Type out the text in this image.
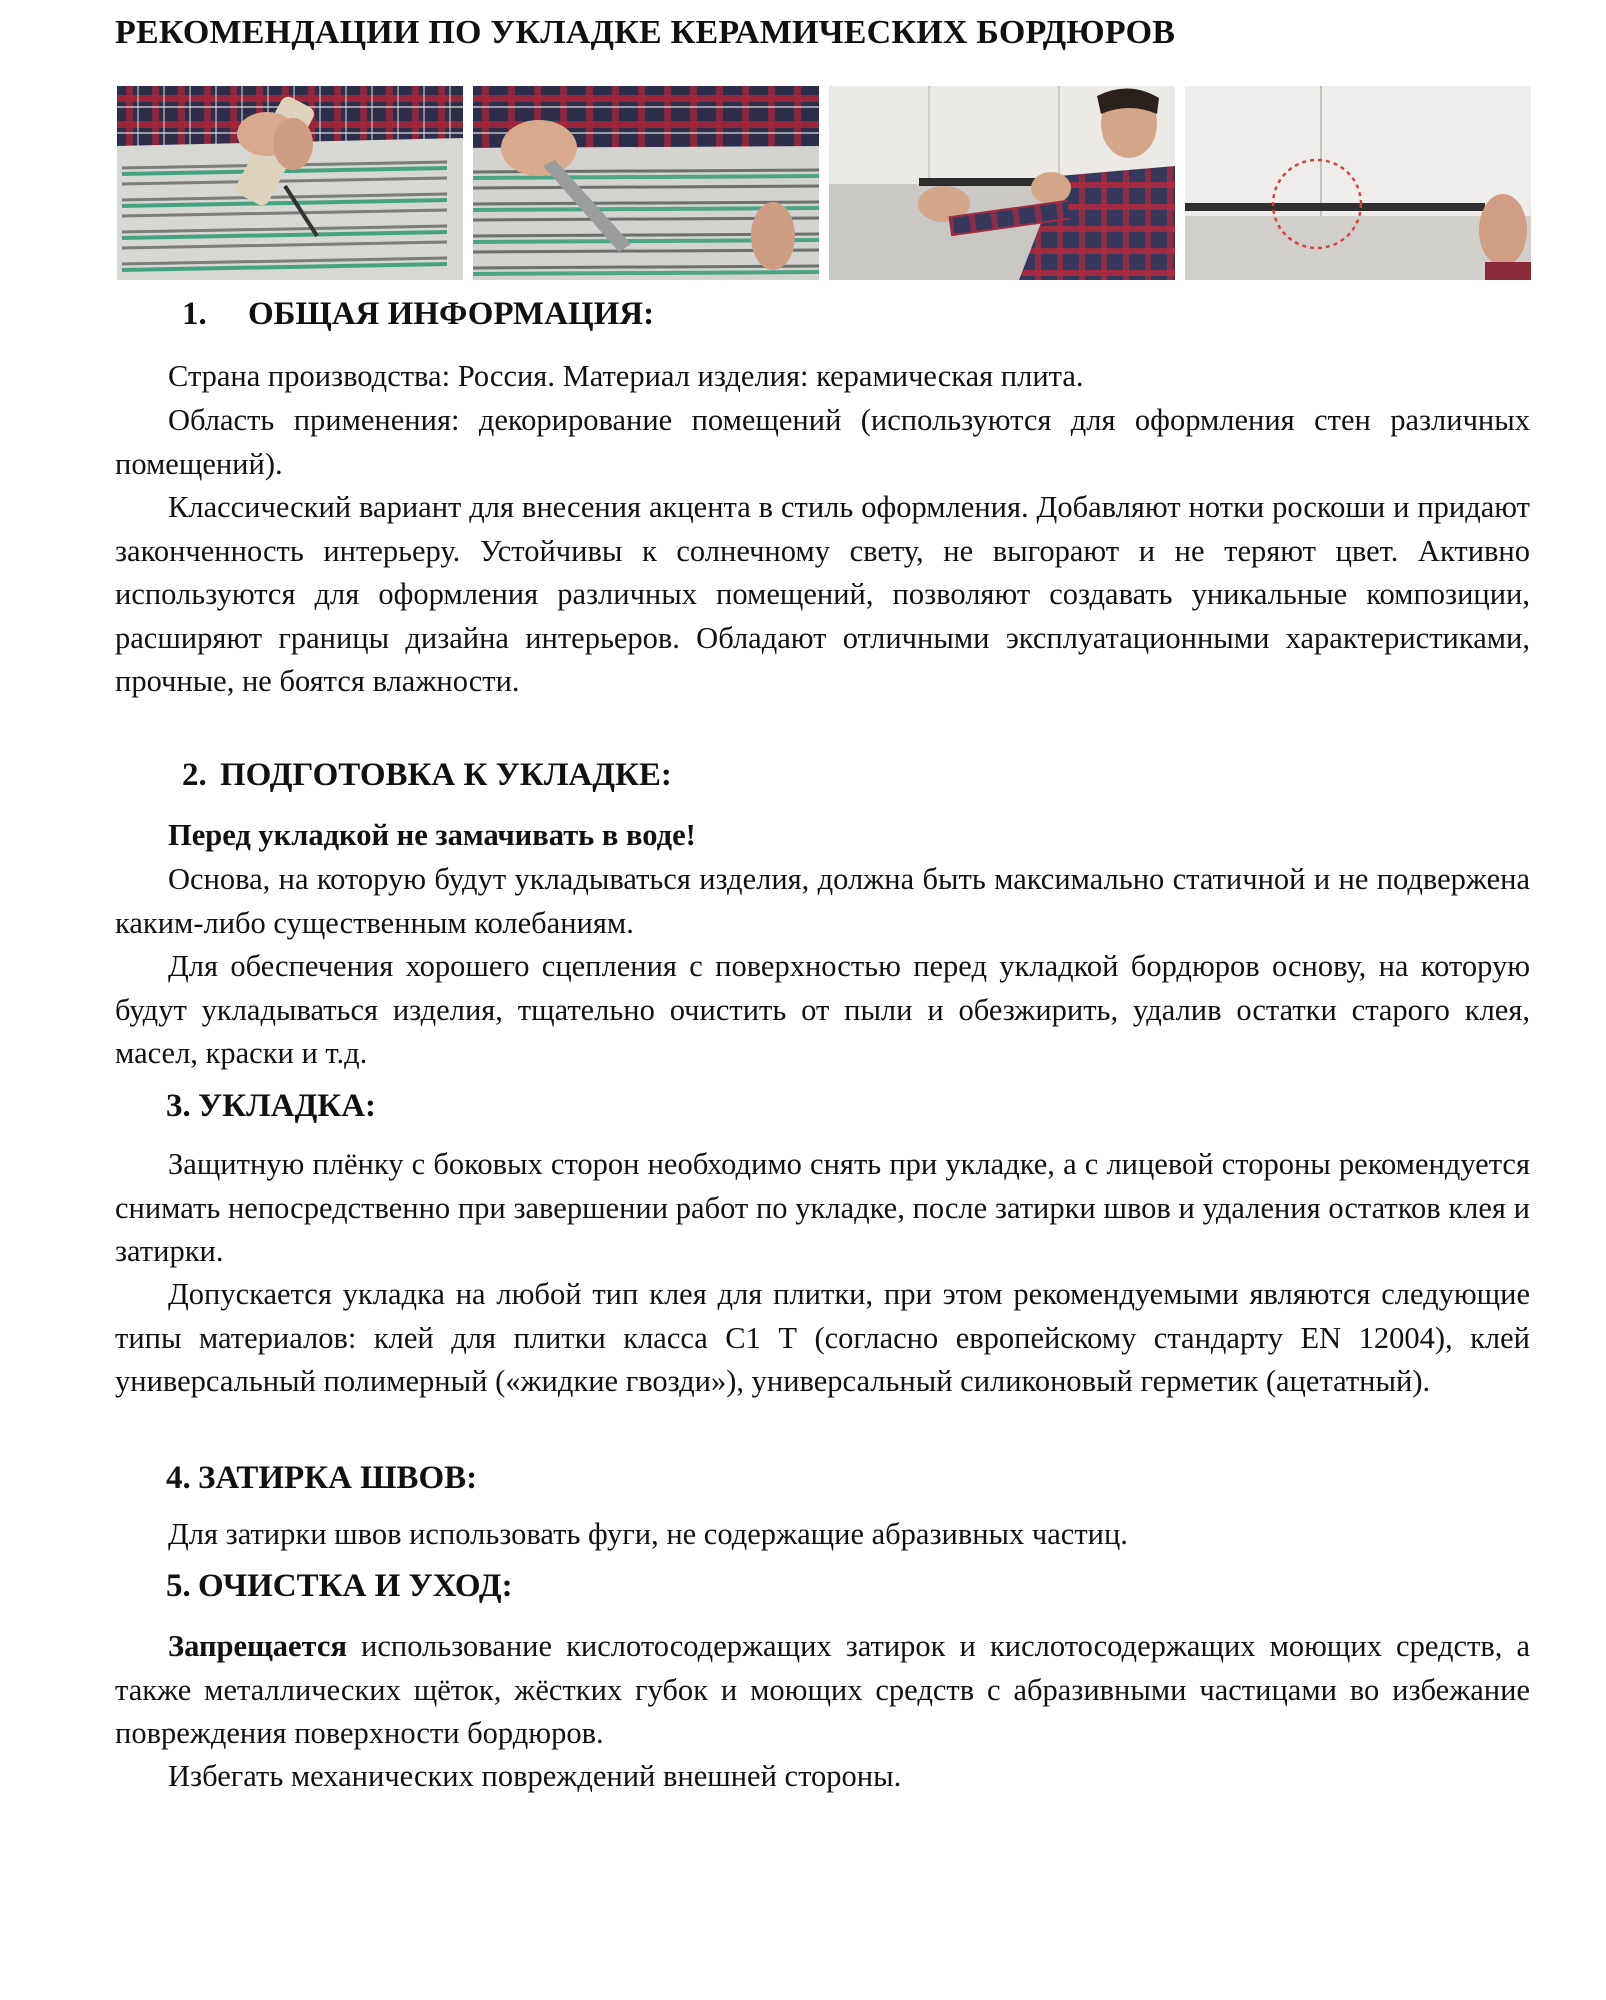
РЕКОМЕНДАЦИИ ПО УКЛАДКЕ КЕРАМИЧЕСКИХ БОРДЮРОВ
1. ОБЩАЯ ИНФОРМАЦИЯ:

Страна производства: Россия. Материал изделия: керамическая плита.

Область применения: декорирование помещений (используются для оформления стен различных помещений).

Классический вариант для внесения акцента в стиль оформления. Добавляют нотки роскоши и придают законченность интерьеру. Устойчивы к солнечному свету, не выгорают и не теряют цвет. Активно используются для оформления различных помещений, позволяют создавать уникальные композиции, расширяют границы дизайна интерьеров. Обладают отличными эксплуатационными характеристиками, прочные, не боятся влажности.

2. ПОДГОТОВКА К УКЛАДКЕ:

Перед укладкой не замачивать в воде!

Основа, на которую будут укладываться изделия, должна быть максимально статичной и не подвержена каким-либо существенным колебаниям.

Для обеспечения хорошего сцепления с поверхностью перед укладкой бордюров основу, на которую будут укладываться изделия, тщательно очистить от пыли и обезжирить, удалив остатки старого клея, масел, краски и т.д.

3. УКЛАДКА:

Защитную плёнку с боковых сторон необходимо снять при укладке, а с лицевой стороны рекомендуется снимать непосредственно при завершении работ по укладке, после затирки швов и удаления остатков клея и затирки.

Допускается укладка на любой тип клея для плитки, при этом рекомендуемыми являются следующие типы материалов: клей для плитки класса С1 Т (согласно европейскому стандарту EN 12004), клей универсальный полимерный («жидкие гвозди»), универсальный силиконовый герметик (ацетатный).

4. ЗАТИРКА ШВОВ:

Для затирки швов использовать фуги, не содержащие абразивных частиц.

5. ОЧИСТКА И УХОД:

Запрещается использование кислотосодержащих затирок и кислотосодержащих моющих средств, а также металлических щёток, жёстких губок и моющих средств с абразивными частицами во избежание повреждения поверхности бордюров.

Избегать механических повреждений внешней стороны.
